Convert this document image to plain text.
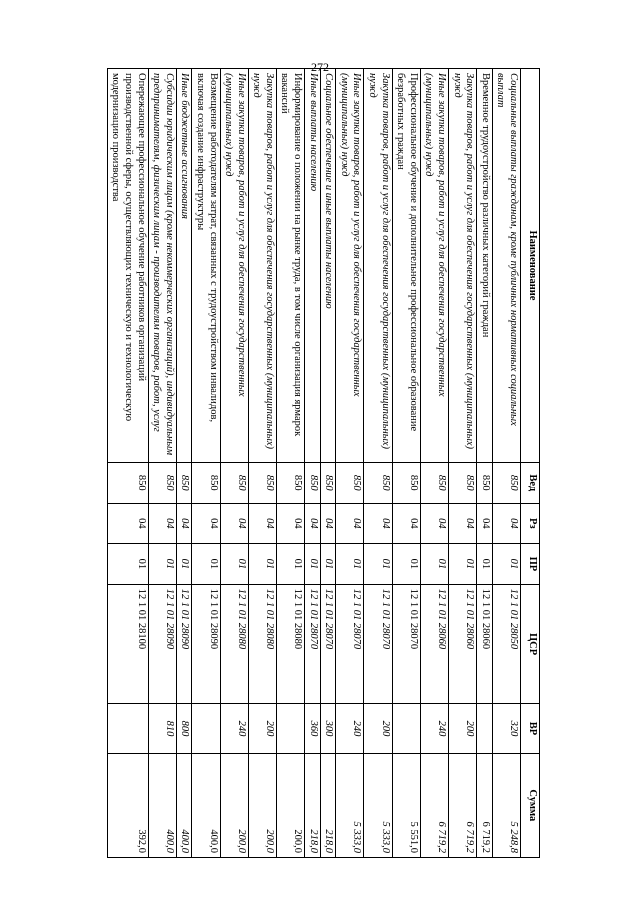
272
Наименование	Вед	Рз	ПР	ЦСР	ВР	Сумма
Социальные выплаты гражданам, кроме публичных нормативных социальных выплат	850	04	01	12 1 01 28050	320	5 248,8
Временное трудоустройство различных категорий граждан	850	04	01	12 1 01 28060		6 719,2
Закупка товаров, работ и услуг для обеспечения государственных (муниципальных) нужд	850	04	01	12 1 01 28060	200	6 719,2
Иные закупки товаров, работ и услуг для обеспечения государственных (муниципальных) нужд	850	04	01	12 1 01 28060	240	6 719,2
Профессиональное обучение и дополнительное профессиональное образование безработных граждан	850	04	01	12 1 01 28070		5 551,0
Закупка товаров, работ и услуг для обеспечения государственных (муниципальных) нужд	850	04	01	12 1 01 28070	200	5 333,0
Иные закупки товаров, работ и услуг для обеспечения государственных (муниципальных) нужд	850	04	01	12 1 01 28070	240	5 333,0
Социальное обеспечение и иные выплаты населению	850	04	01	12 1 01 28070	300	218,0
Иные выплаты населению	850	04	01	12 1 01 28070	360	218,0
Информирование о положении на рынке труда, в том числе организация ярмарок вакансий	850	04	01	12 1 01 28080		200,0
Закупка товаров, работ и услуг для обеспечения государственных (муниципальных) нужд	850	04	01	12 1 01 28080	200	200,0
Иные закупки товаров, работ и услуг для обеспечения государственных (муниципальных) нужд	850	04	01	12 1 01 28080	240	200,0
Возмещение работодателям затрат, связанных с трудоустройством инвалидов, включая создание инфраструктуры	850	04	01	12 1 01 28090		400,0
Иные бюджетные ассигнования	850	04	01	12 1 01 28090	800	400,0
Субсидии юридическим лицам (кроме некоммерческих организаций), индивидуальным предпринимателям, физическим лицам - производителям товаров, работ, услуг	850	04	01	12 1 01 28090	810	400,0
Опережающее профессиональное обучение работников организаций производственной сферы, осуществляющих техническую и технологическую модернизацию производства	850	04	01	12 1 01 28100		392,0
